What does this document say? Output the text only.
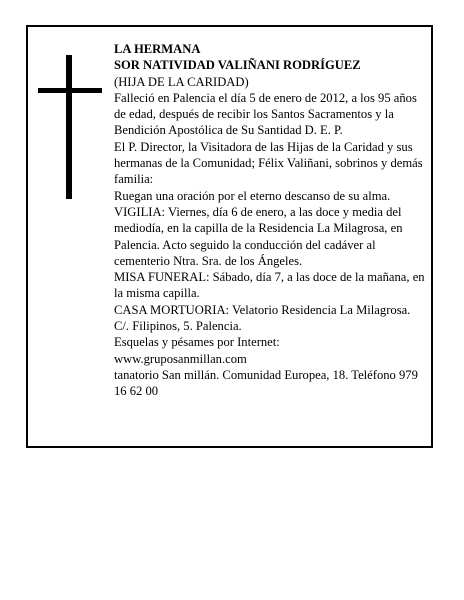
LA HERMANA

SOR NATIVIDAD VALIÑANI RODRÍGUEZ

(HIJA DE LA CARIDAD)

Falleció en Palencia el día 5 de enero de 2012, a los 95 años de edad, después de recibir los Santos Sacramentos y la Bendición Apostólica de Su Santidad D. E. P.

El P. Director, la Visitadora de las Hijas de la Caridad y sus hermanas de la Comunidad; Félix Valiñani, sobrinos y demás familia:

Ruegan una oración por el eterno descanso de su alma.

VIGILIA: Viernes, día 6 de enero, a las doce y media del mediodía, en la capilla de la Residencia La Milagrosa, en Palencia. Acto seguido la conducción del cadáver al cementerio Ntra. Sra. de los Ángeles.

MISA FUNERAL: Sábado, día 7, a las doce de la mañana, en la misma capilla.

CASA MORTUORIA: Velatorio Residencia La Milagrosa. C/. Filipinos, 5. Palencia.

Esquelas y pésames por Internet:

www.gruposanmillan.com

tanatorio San millán. Comunidad Europea, 18. Teléfono 979 16 62 00
